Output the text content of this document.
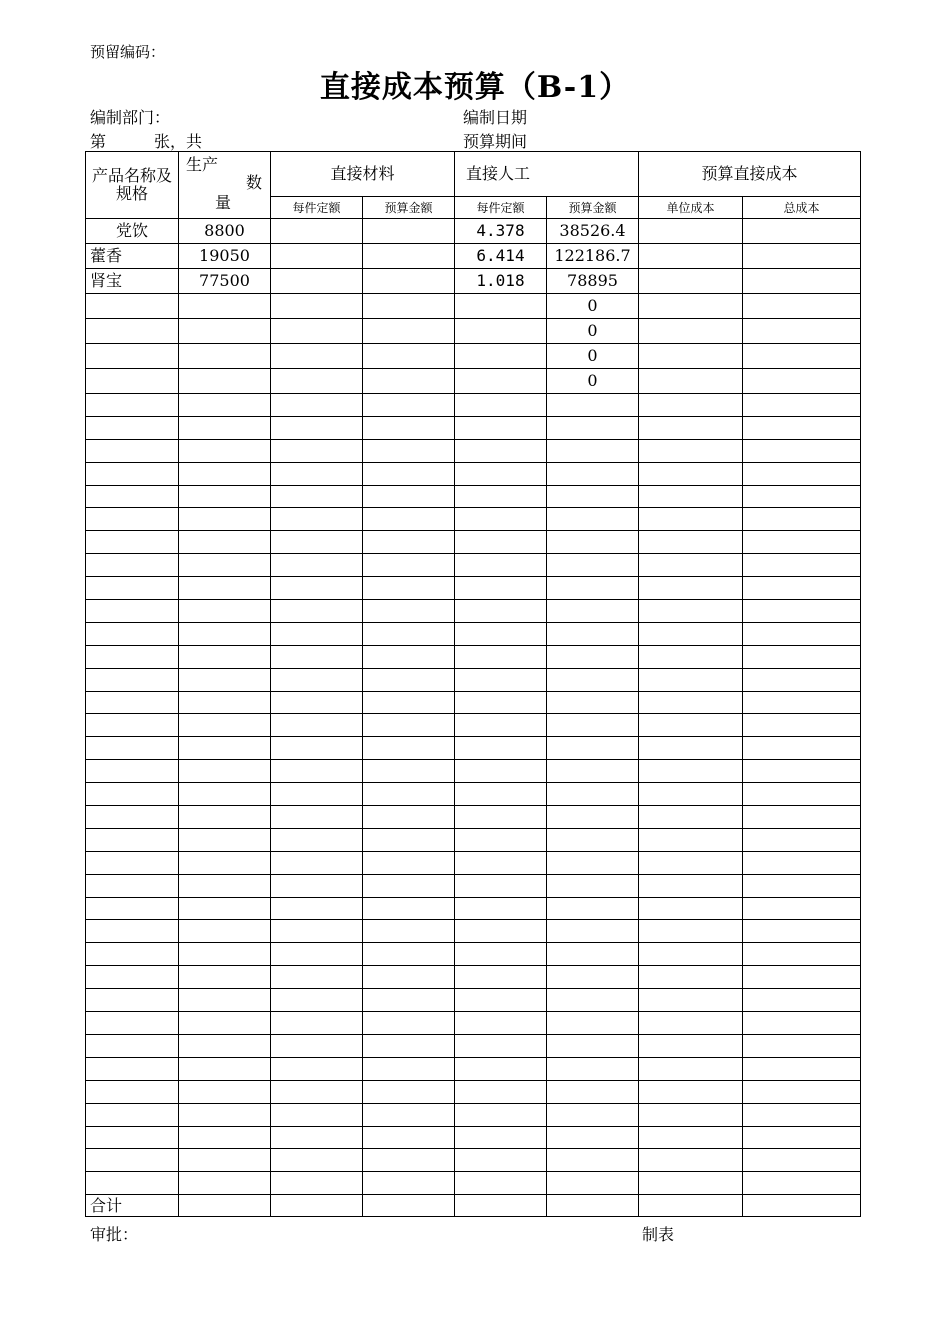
预留编码：
直接成本预算（B-1）
编制部门：	编制日期
第　　　张，共	预算期间
产品名称及规格	生产
数
量	直接材料		直接人工		预算直接成本	
		每件定额	预算金额	每件定额	预算金额	单位成本	总成本
党饮	8800			4.378	38526.4		
藿香	19050			6.414	122186.7		
肾宝	77500			1.018	78895		
					0		
					0		
					0		
					0		

合计							
审批：	制表
